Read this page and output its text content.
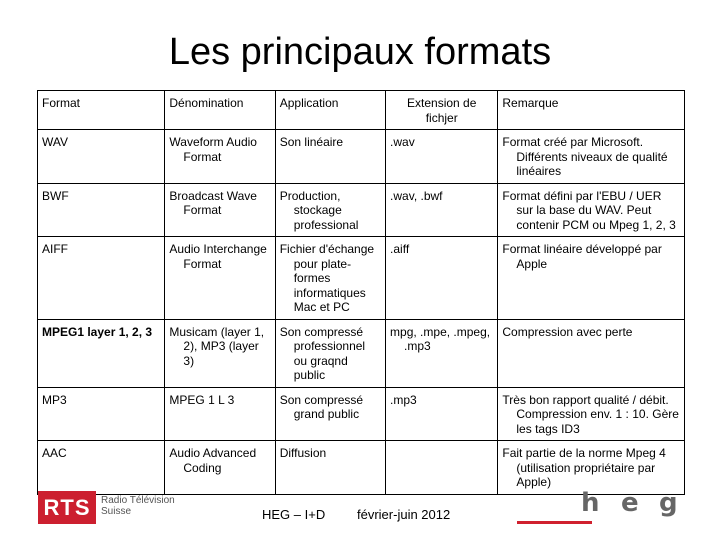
Les principaux formats
Format	Dénomination	Application	Extension de fichjer	Remarque
WAV	Waveform Audio Format	Son linéaire	.wav	Format créé par Microsoft. Différents niveaux de qualité linéaires

BWF	Broadcast Wave Format	Production, stockage professional	.wav, .bwf	Format défini par l'EBU / UER sur la base du WAV. Peut contenir PCM ou Mpeg 1, 2, 3

AIFF	Audio Interchange Format	Fichier d'échange pour plate-formes informatiques Mac et PC	.aiff	Format linéaire développé par Apple

MPEG1 layer 1, 2, 3	Musicam (layer 1, 2), MP3 (layer 3)	Son compressé professionnel ou graqnd public	mpg, .mpe, .mpeg, .mp3	Compression avec perte
MP3	MPEG 1 L 3	Son compressé grand public	.mp3	Très bon rapport qualité / débit. Compression env. 1 : 10. Gère les tags ID3

AAC	Audio Advanced Coding	Diffusion		Fait partie de la norme Mpeg 4 (utilisation propriétaire par Apple)
RTS	Radio Télévision
Suisse	HEG – I+D février-juin 2012	h e g
